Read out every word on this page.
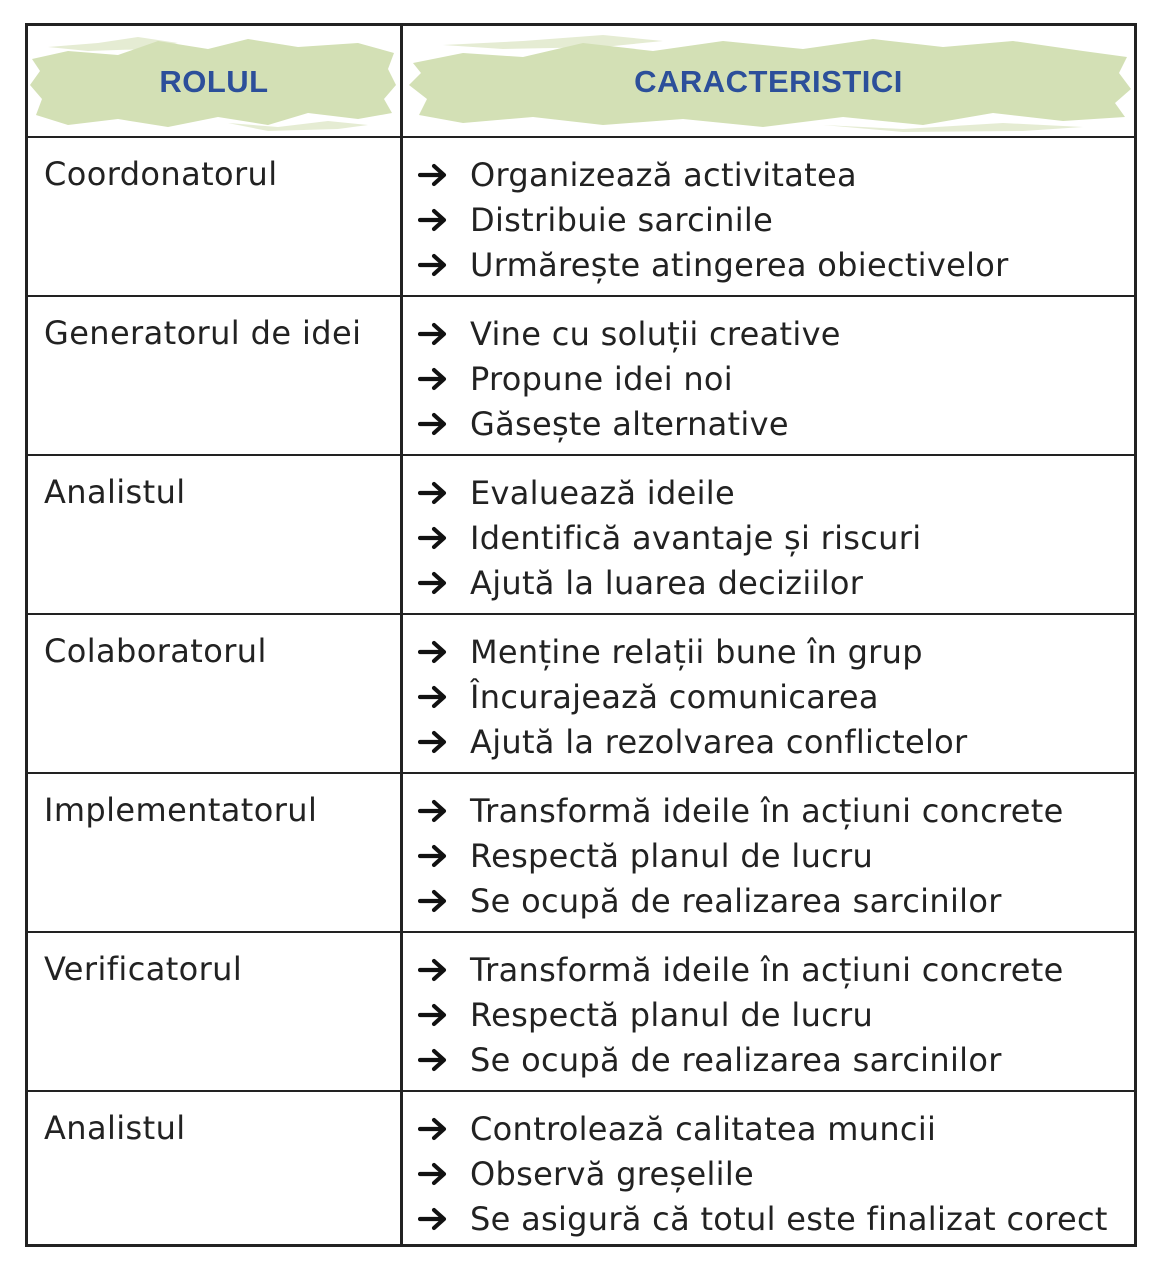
ROLUL	CARACTERISTICI
Coordonatorul	Organizează activitatea
Distribuie sarcinile
Urmărește atingerea obiectivelor
Generatorul de idei	Vine cu soluții creative
Propune idei noi
Găsește alternative
Analistul	Evaluează ideile
Identifică avantaje și riscuri
Ajută la luarea deciziilor
Colaboratorul	Menține relații bune în grup
Încurajează comunicarea
Ajută la rezolvarea conflictelor
Implementatorul	Transformă ideile în acțiuni concrete
Respectă planul de lucru
Se ocupă de realizarea sarcinilor
Verificatorul	Transformă ideile în acțiuni concrete
Respectă planul de lucru
Se ocupă de realizarea sarcinilor
Analistul	Controlează calitatea muncii
Observă greșelile
Se asigură că totul este finalizat corect
